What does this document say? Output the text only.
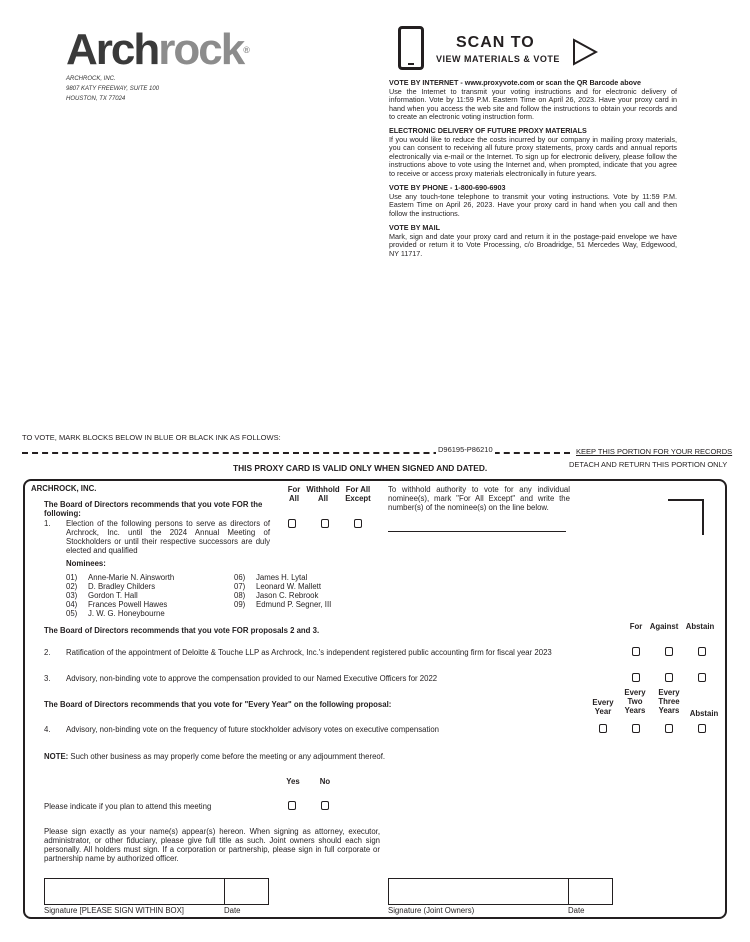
Archrock®
ARCHROCK, INC.
9807 KATY FREEWAY, SUITE 100
HOUSTON, TX 77024
SCAN TO
VIEW MATERIALS & VOTE
VOTE BY INTERNET - www.proxyvote.com or scan the QR Barcode above

Use the Internet to transmit your voting instructions and for electronic delivery of information. Vote by 11:59 P.M. Eastern Time on April 26, 2023. Have your proxy card in hand when you access the web site and follow the instructions to obtain your records and to create an electronic voting instruction form.

ELECTRONIC DELIVERY OF FUTURE PROXY MATERIALS

If you would like to reduce the costs incurred by our company in mailing proxy materials, you can consent to receiving all future proxy statements, proxy cards and annual reports electronically via e-mail or the Internet. To sign up for electronic delivery, please follow the instructions above to vote using the Internet and, when prompted, indicate that you agree to receive or access proxy materials electronically in future years.

VOTE BY PHONE - 1-800-690-6903

Use any touch-tone telephone to transmit your voting instructions. Vote by 11:59 P.M. Eastern Time on April 26, 2023. Have your proxy card in hand when you call and then follow the instructions.

VOTE BY MAIL

Mark, sign and date your proxy card and return it in the postage-paid envelope we have provided or return it to Vote Processing, c/o Broadridge, 51 Mercedes Way, Edgewood, NY 11717.

TO VOTE, MARK BLOCKS BELOW IN BLUE OR BLACK INK AS FOLLOWS:
D96195-P86210	KEEP THIS PORTION FOR YOUR RECORDS
DETACH AND RETURN THIS PORTION ONLY
THIS PROXY CARD IS VALID ONLY WHEN SIGNED AND DATED.
ARCHROCK, INC.
The Board of Directors recommends that you vote FOR the following:
For All
Withhold All
For All Except
To withhold authority to vote for any individual nominee(s), mark "For All Except" and write the number(s) of the nominee(s) on the line below.
1. Election of the following persons to serve as directors of Archrock, Inc. until the 2024 Annual Meeting of Stockholders or until their respective successors are duly elected and qualified
Nominees:
01) Anne-Marie N. Ainsworth
02) D. Bradley Childers
03) Gordon T. Hall
04) Frances Powell Hawes
05) J. W. G. Honeybourne
06) James H. Lytal
07) Leonard W. Mallett
08) Jason C. Rebrook
09) Edmund P. Segner, III
The Board of Directors recommends that you vote FOR proposals 2 and 3.	For Against Abstain
2. Ratification of the appointment of Deloitte & Touche LLP as Archrock, Inc.'s independent registered public accounting firm for fiscal year 2023
3. Advisory, non-binding vote to approve the compensation provided to our Named Executive Officers for 2022
The Board of Directors recommends that you vote for "Every Year" on the following proposal:	Every Year
Every Two Years
Every Three Years	Abstain
4. Advisory, non-binding vote on the frequency of future stockholder advisory votes on executive compensation
NOTE: Such other business as may properly come before the meeting or any adjournment thereof.
Yes	No
Please indicate if you plan to attend this meeting
Please sign exactly as your name(s) appear(s) hereon. When signing as attorney, executor, administrator, or other fiduciary, please give full title as such. Joint owners should each sign personally. All holders must sign. If a corporation or partnership, please sign in full corporate or partnership name by authorized officer.
Signature [PLEASE SIGN WITHIN BOX]	Date	Signature (Joint Owners)	Date
